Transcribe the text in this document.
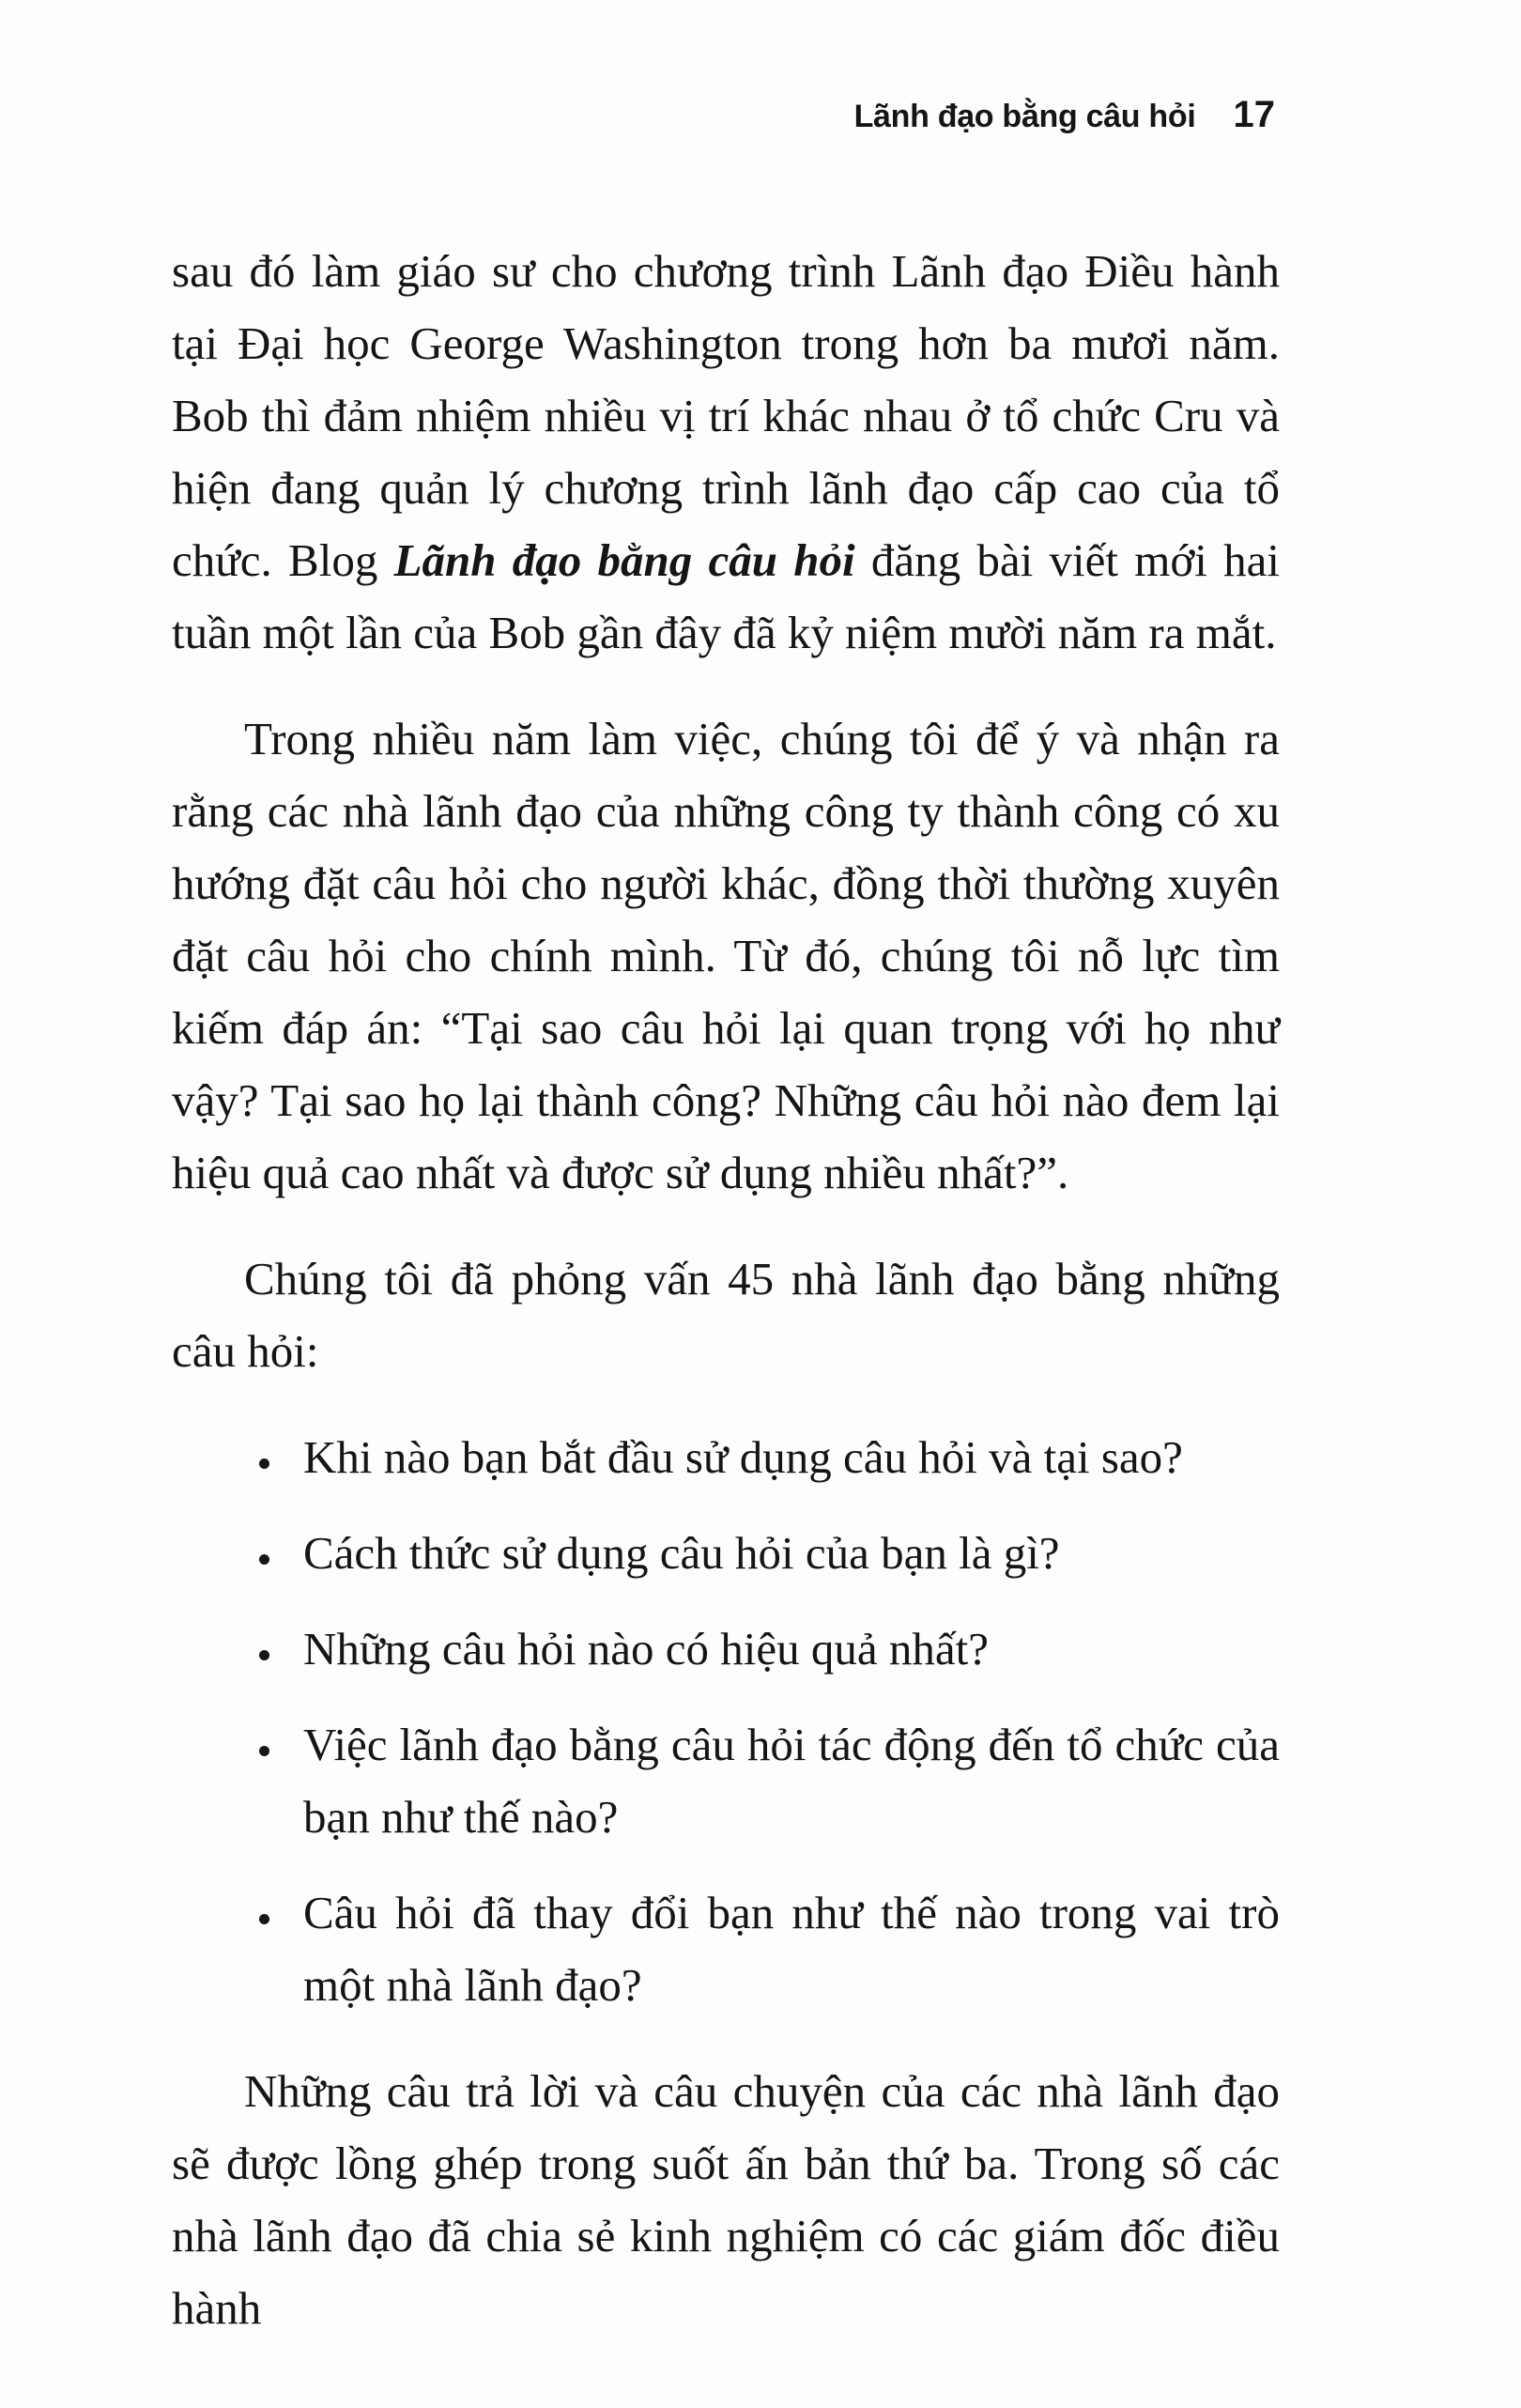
Lãnh đạo bằng câu hỏi 17

sau đó làm giáo sư cho chương trình Lãnh đạo Điều hành tại Đại học George Washington trong hơn ba mươi năm. Bob thì đảm nhiệm nhiều vị trí khác nhau ở tổ chức Cru và hiện đang quản lý chương trình lãnh đạo cấp cao của tổ chức. Blog Lãnh đạo bằng câu hỏi đăng bài viết mới hai tuần một lần của Bob gần đây đã kỷ niệm mười năm ra mắt.

Trong nhiều năm làm việc, chúng tôi để ý và nhận ra rằng các nhà lãnh đạo của những công ty thành công có xu hướng đặt câu hỏi cho người khác, đồng thời thường xuyên đặt câu hỏi cho chính mình. Từ đó, chúng tôi nỗ lực tìm kiếm đáp án: “Tại sao câu hỏi lại quan trọng với họ như vậy? Tại sao họ lại thành công? Những câu hỏi nào đem lại hiệu quả cao nhất và được sử dụng nhiều nhất?”.

Chúng tôi đã phỏng vấn 45 nhà lãnh đạo bằng những câu hỏi:

Khi nào bạn bắt đầu sử dụng câu hỏi và tại sao?
Cách thức sử dụng câu hỏi của bạn là gì?
Những câu hỏi nào có hiệu quả nhất?
Việc lãnh đạo bằng câu hỏi tác động đến tổ chức của bạn như thế nào?
Câu hỏi đã thay đổi bạn như thế nào trong vai trò một nhà lãnh đạo?

Những câu trả lời và câu chuyện của các nhà lãnh đạo sẽ được lồng ghép trong suốt ấn bản thứ ba. Trong số các nhà lãnh đạo đã chia sẻ kinh nghiệm có các giám đốc điều hành
